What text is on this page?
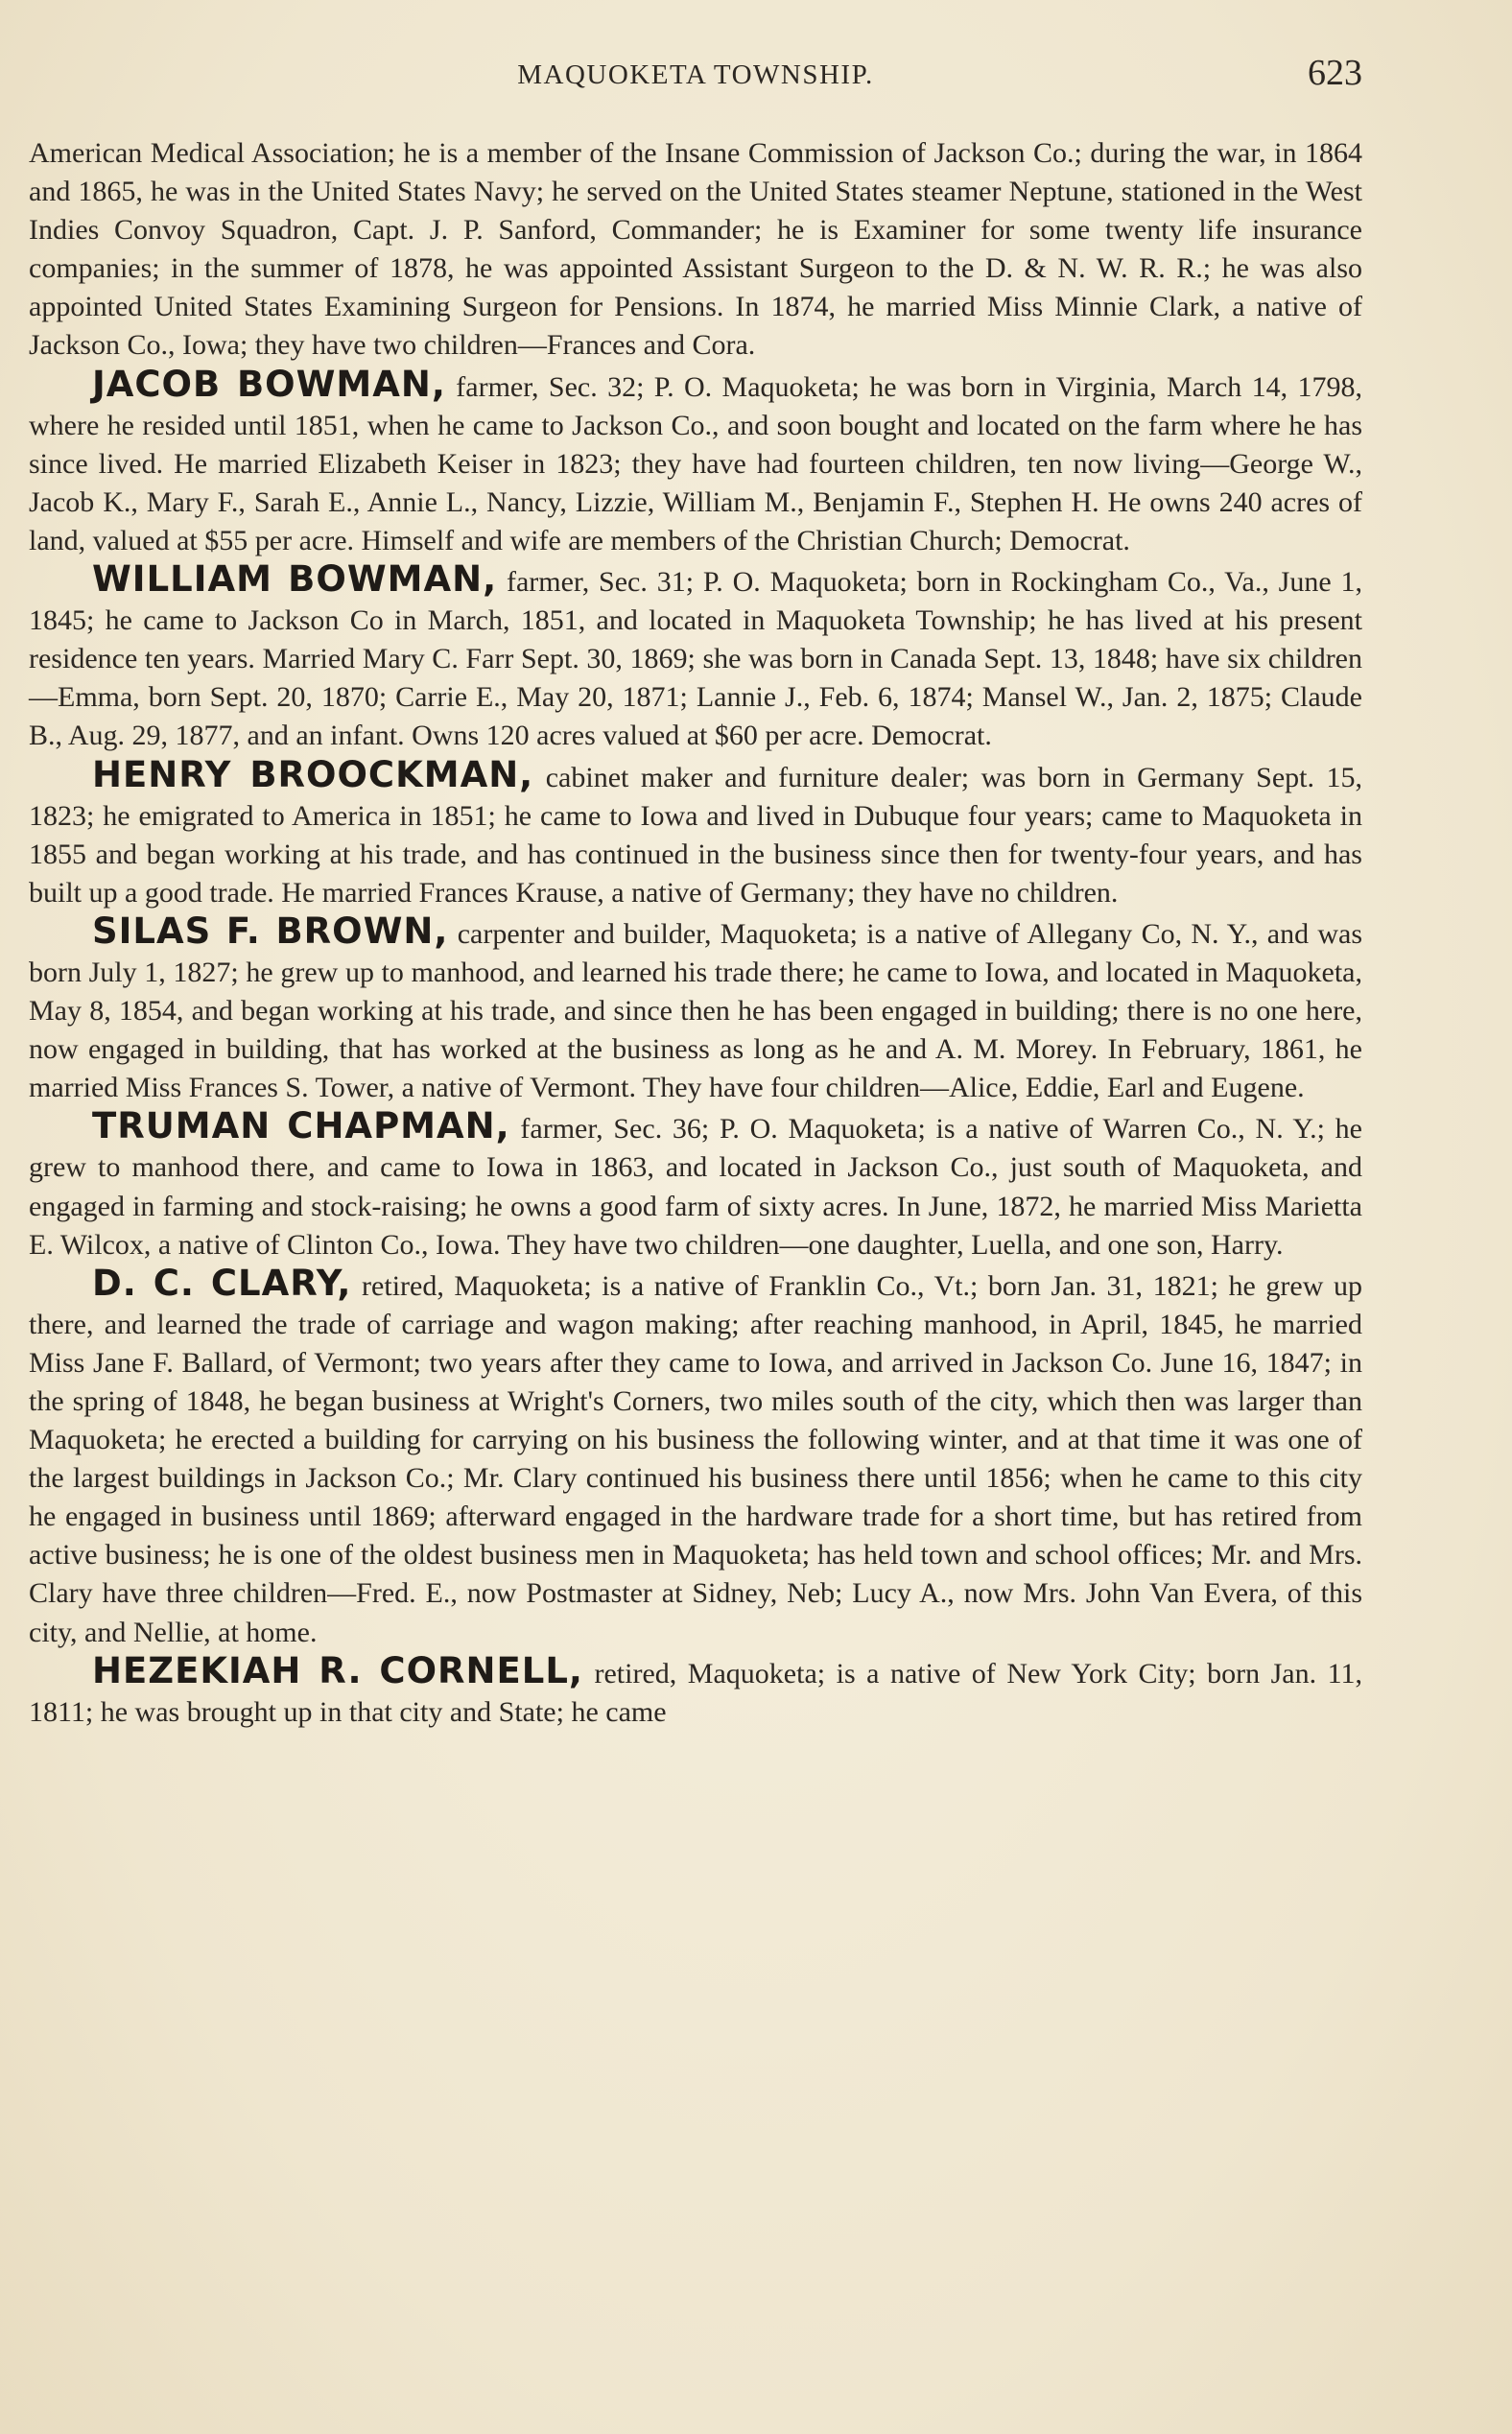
MAQUOKETA TOWNSHIP.	623

American Medical Association; he is a member of the Insane Commission of Jackson Co.; during the war, in 1864 and 1865, he was in the United States Navy; he served on the United States steamer Neptune, stationed in the West Indies Convoy Squadron, Capt. J. P. Sanford, Commander; he is Examiner for some twenty life insurance companies; in the summer of 1878, he was appointed Assistant Surgeon to the D. & N. W. R. R.; he was also appointed United States Examining Surgeon for Pensions. In 1874, he married Miss Minnie Clark, a native of Jackson Co., Iowa; they have two children—Frances and Cora.

JACOB BOWMAN, farmer, Sec. 32; P. O. Maquoketa; he was born in Virginia, March 14, 1798, where he resided until 1851, when he came to Jackson Co., and soon bought and located on the farm where he has since lived. He married Elizabeth Keiser in 1823; they have had fourteen children, ten now living—George W., Jacob K., Mary F., Sarah E., Annie L., Nancy, Lizzie, William M., Benjamin F., Stephen H. He owns 240 acres of land, valued at $55 per acre. Himself and wife are members of the Christian Church; Democrat.

WILLIAM BOWMAN, farmer, Sec. 31; P. O. Maquoketa; born in Rockingham Co., Va., June 1, 1845; he came to Jackson Co in March, 1851, and located in Maquoketa Township; he has lived at his present residence ten years. Married Mary C. Farr Sept. 30, 1869; she was born in Canada Sept. 13, 1848; have six children—Emma, born Sept. 20, 1870; Carrie E., May 20, 1871; Lannie J., Feb. 6, 1874; Mansel W., Jan. 2, 1875; Claude B., Aug. 29, 1877, and an infant. Owns 120 acres valued at $60 per acre. Democrat.

HENRY BROOCKMAN, cabinet maker and furniture dealer; was born in Germany Sept. 15, 1823; he emigrated to America in 1851; he came to Iowa and lived in Dubuque four years; came to Maquoketa in 1855 and began working at his trade, and has continued in the business since then for twenty-four years, and has built up a good trade. He married Frances Krause, a native of Germany; they have no children.

SILAS F. BROWN, carpenter and builder, Maquoketa; is a native of Allegany Co, N. Y., and was born July 1, 1827; he grew up to manhood, and learned his trade there; he came to Iowa, and located in Maquoketa, May 8, 1854, and began working at his trade, and since then he has been engaged in building; there is no one here, now engaged in building, that has worked at the business as long as he and A. M. Morey. In February, 1861, he married Miss Frances S. Tower, a native of Vermont. They have four children—Alice, Eddie, Earl and Eugene.

TRUMAN CHAPMAN, farmer, Sec. 36; P. O. Maquoketa; is a native of Warren Co., N. Y.; he grew to manhood there, and came to Iowa in 1863, and located in Jackson Co., just south of Maquoketa, and engaged in farming and stock-raising; he owns a good farm of sixty acres. In June, 1872, he married Miss Marietta E. Wilcox, a native of Clinton Co., Iowa. They have two children—one daughter, Luella, and one son, Harry.

D. C. CLARY, retired, Maquoketa; is a native of Franklin Co., Vt.; born Jan. 31, 1821; he grew up there, and learned the trade of carriage and wagon making; after reaching manhood, in April, 1845, he married Miss Jane F. Ballard, of Vermont; two years after they came to Iowa, and arrived in Jackson Co. June 16, 1847; in the spring of 1848, he began business at Wright's Corners, two miles south of the city, which then was larger than Maquoketa; he erected a building for carrying on his business the following winter, and at that time it was one of the largest buildings in Jackson Co.; Mr. Clary continued his business there until 1856; when he came to this city he engaged in business until 1869; afterward engaged in the hardware trade for a short time, but has retired from active business; he is one of the oldest business men in Maquoketa; has held town and school offices; Mr. and Mrs. Clary have three children—Fred. E., now Postmaster at Sidney, Neb; Lucy A., now Mrs. John Van Evera, of this city, and Nellie, at home.

HEZEKIAH R. CORNELL, retired, Maquoketa; is a native of New York City; born Jan. 11, 1811; he was brought up in that city and State; he came
